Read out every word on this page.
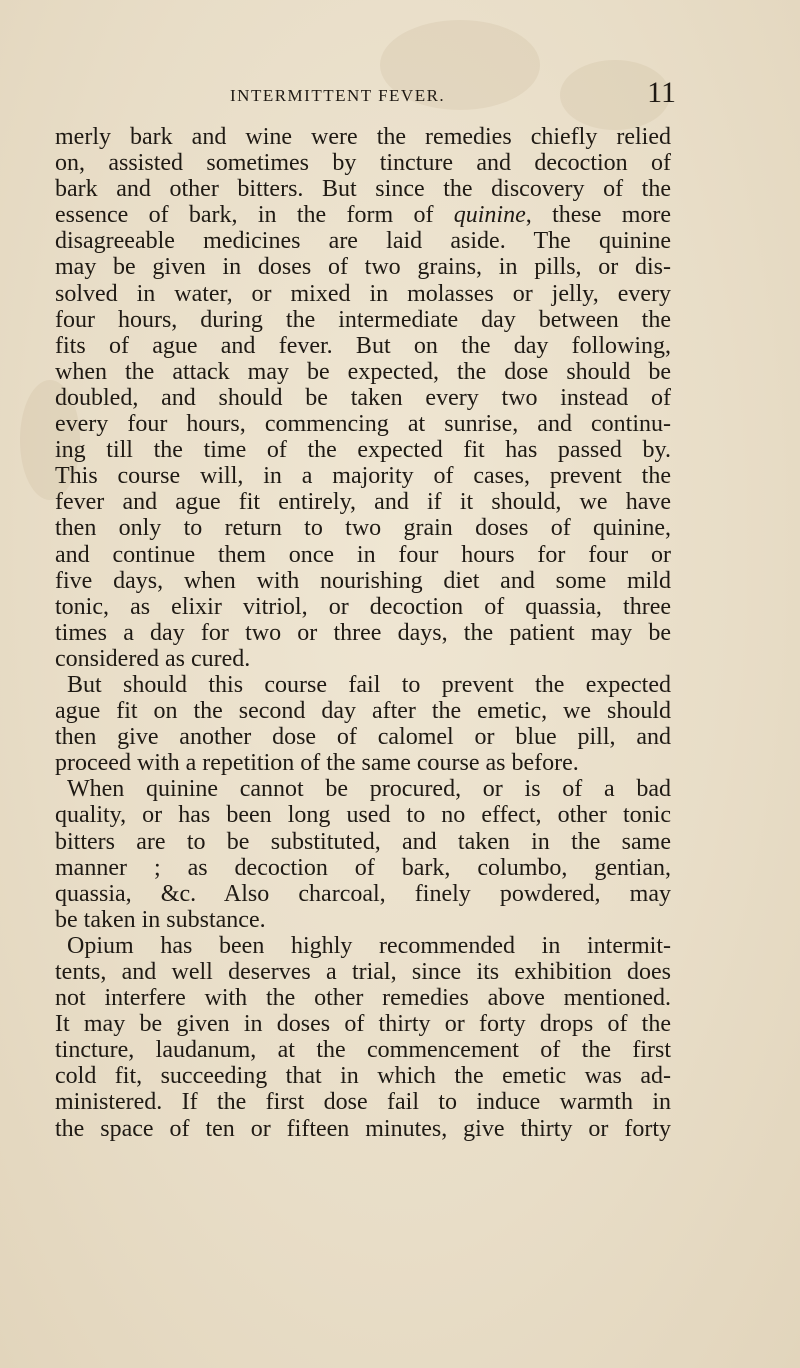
INTERMITTENT FEVER.	11
merly bark and wine were the remedies chiefly relied
on, assisted sometimes by tincture and decoction of
bark and other bitters. But since the discovery of the
essence of bark, in the form of quinine, these more
disagreeable medicines are laid aside. The quinine
may be given in doses of two grains, in pills, or dis-
solved in water, or mixed in molasses or jelly, every
four hours, during the intermediate day between the
fits of ague and fever. But on the day following,
when the attack may be expected, the dose should be
doubled, and should be taken every two instead of
every four hours, commencing at sunrise, and continu-
ing till the time of the expected fit has passed by.
This course will, in a majority of cases, prevent the
fever and ague fit entirely, and if it should, we have
then only to return to two grain doses of quinine,
and continue them once in four hours for four or
five days, when with nourishing diet and some mild
tonic, as elixir vitriol, or decoction of quassia, three
times a day for two or three days, the patient may be
considered as cured.
But should this course fail to prevent the expected
ague fit on the second day after the emetic, we should
then give another dose of calomel or blue pill, and
proceed with a repetition of the same course as before.
When quinine cannot be procured, or is of a bad
quality, or has been long used to no effect, other tonic
bitters are to be substituted, and taken in the same
manner ; as decoction of bark, columbo, gentian,
quassia, &c. Also charcoal, finely powdered, may
be taken in substance.
Opium has been highly recommended in intermit-
tents, and well deserves a trial, since its exhibition does
not interfere with the other remedies above mentioned.
It may be given in doses of thirty or forty drops of the
tincture, laudanum, at the commencement of the first
cold fit, succeeding that in which the emetic was ad-
ministered. If the first dose fail to induce warmth in
the space of ten or fifteen minutes, give thirty or forty
